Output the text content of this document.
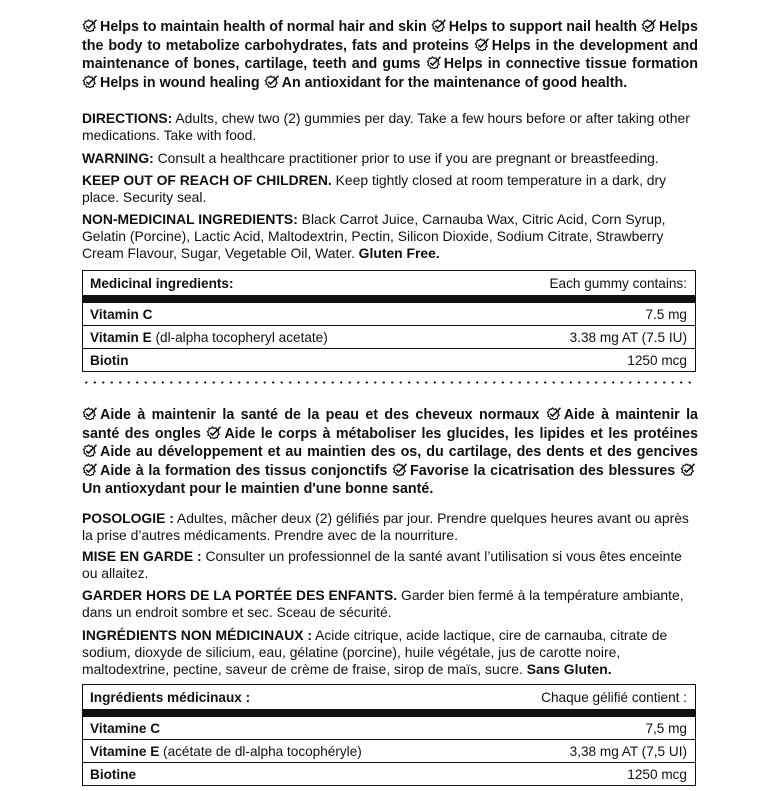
Helps to maintain health of normal hair and skin Helps to support nail health Helps the body to metabolize carbohydrates, fats and proteins Helps in the development and maintenance of bones, cartilage, teeth and gums Helps in connective tissue formation
Helps in wound healing An antioxidant for the maintenance of good health.

DIRECTIONS: Adults, chew two (2) gummies per day. Take a few hours before or after taking other medications. Take with food.

WARNING: Consult a healthcare practitioner prior to use if you are pregnant or breastfeeding.

KEEP OUT OF REACH OF CHILDREN. Keep tightly closed at room temperature in a dark, dry place. Security seal.

NON-MEDICINAL INGREDIENTS: Black Carrot Juice, Carnauba Wax, Citric Acid, Corn Syrup, Gelatin (Porcine), Lactic Acid, Maltodextrin, Pectin, Silicon Dioxide, Sodium Citrate, Strawberry Cream Flavour, Sugar, Vegetable Oil, Water. Gluten Free.

Medicinal ingredients:	Each gummy contains:
Vitamin C	7.5 mg
Vitamin E (dl-alpha tocopheryl acetate)	3.38 mg AT (7.5 IU)
Biotin	1250 mcg
Aide à maintenir la santé de la peau et des cheveux normaux Aide à maintenir la santé des ongles Aide le corps à métaboliser les glucides, les lipides et les protéines
Aide au développement et au maintien des os, du cartilage, des dents et des gencives
Aide à la formation des tissus conjonctifs Favorise la cicatrisation des blessures
Un antioxydant pour le maintien d'une bonne santé.

POSOLOGIE : Adultes, mâcher deux (2) gélifiés par jour. Prendre quelques heures avant ou après la prise d’autres médicaments. Prendre avec de la nourriture.

MISE EN GARDE : Consulter un professionnel de la santé avant l’utilisation si vous êtes enceinte ou allaitez.

GARDER HORS DE LA PORTÉE DES ENFANTS. Garder bien fermé à la température ambiante, dans un endroit sombre et sec. Sceau de sécurité.

INGRÉDIENTS NON MÉDICINAUX : Acide citrique, acide lactique, cire de carnauba, citrate de sodium, dioxyde de silicium, eau, gélatine (porcine), huile végétale, jus de carotte noire, maltodextrine, pectine, saveur de crème de fraise, sirop de maïs, sucre. Sans Gluten.

Ingrédients médicinaux :	Chaque gélifié contient :
Vitamine C	7,5 mg
Vitamine E (acétate de dl-alpha tocophéryle)	3,38 mg AT (7,5 UI)
Biotine	1250 mcg
